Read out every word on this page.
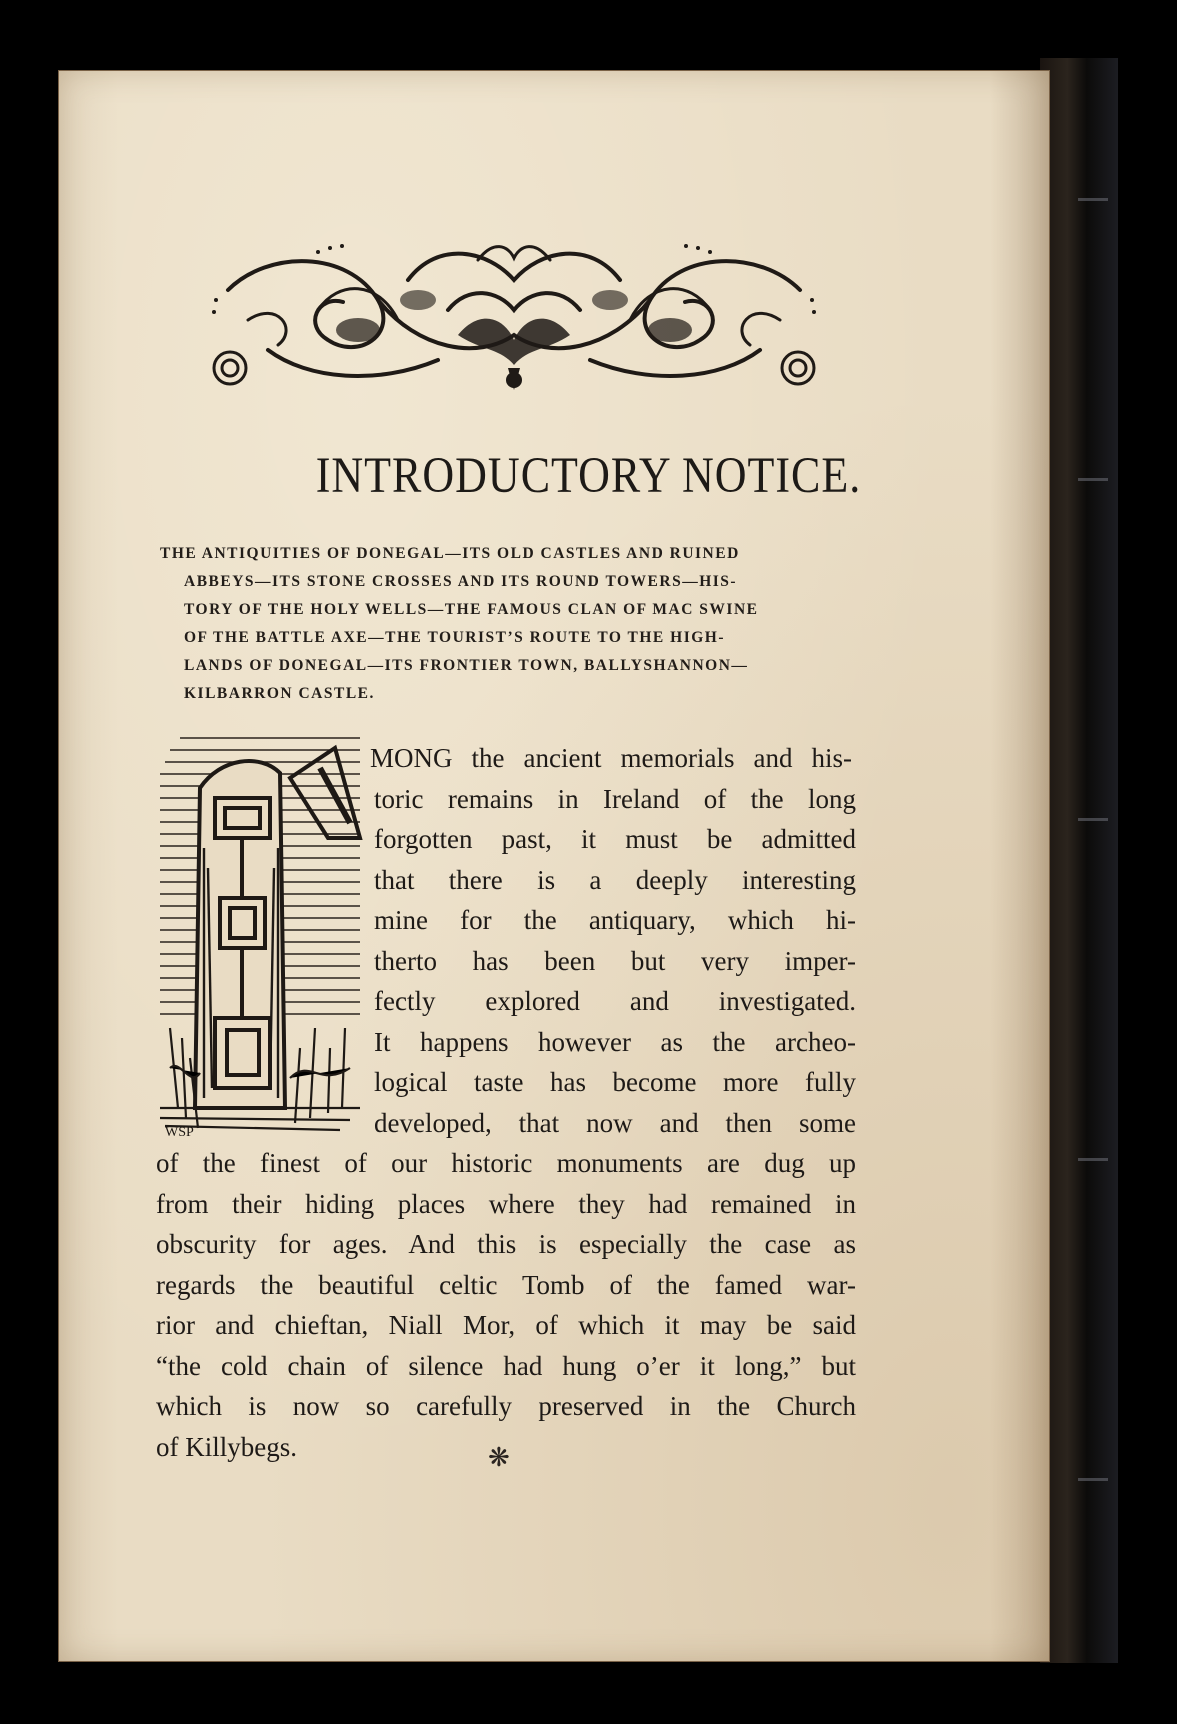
INTRODUCTORY NOTICE.
THE ANTIQUITIES OF DONEGAL—ITS OLD CASTLES AND RUINED
ABBEYS—ITS STONE CROSSES AND ITS ROUND TOWERS—HIS-
TORY OF THE HOLY WELLS—THE FAMOUS CLAN OF MAC SWINE
OF THE BATTLE AXE—THE TOURIST’S ROUTE TO THE HIGH-
LANDS OF DONEGAL—ITS FRONTIER TOWN, BALLYSHANNON—
KILBARRON CASTLE.
WSP
MONG the ancient memorials and his-
toric remains in Ireland of the long
forgotten past, it must be admitted
that there is a deeply interesting
mine for the antiquary, which hi-
therto has been but very imper-
fectly explored and investigated.
It happens however as the archeo-
logical taste has become more fully
developed, that now and then some
of the finest of our historic monuments are dug up
from their hiding places where they had remained in
obscurity for ages. And this is especially the case as
regards the beautiful celtic Tomb of the famed war-
rior and chieftan, Niall Mor, of which it may be said
“the cold chain of silence had hung o’er it long,” but
which is now so carefully preserved in the Church
of Killybegs.	❋
